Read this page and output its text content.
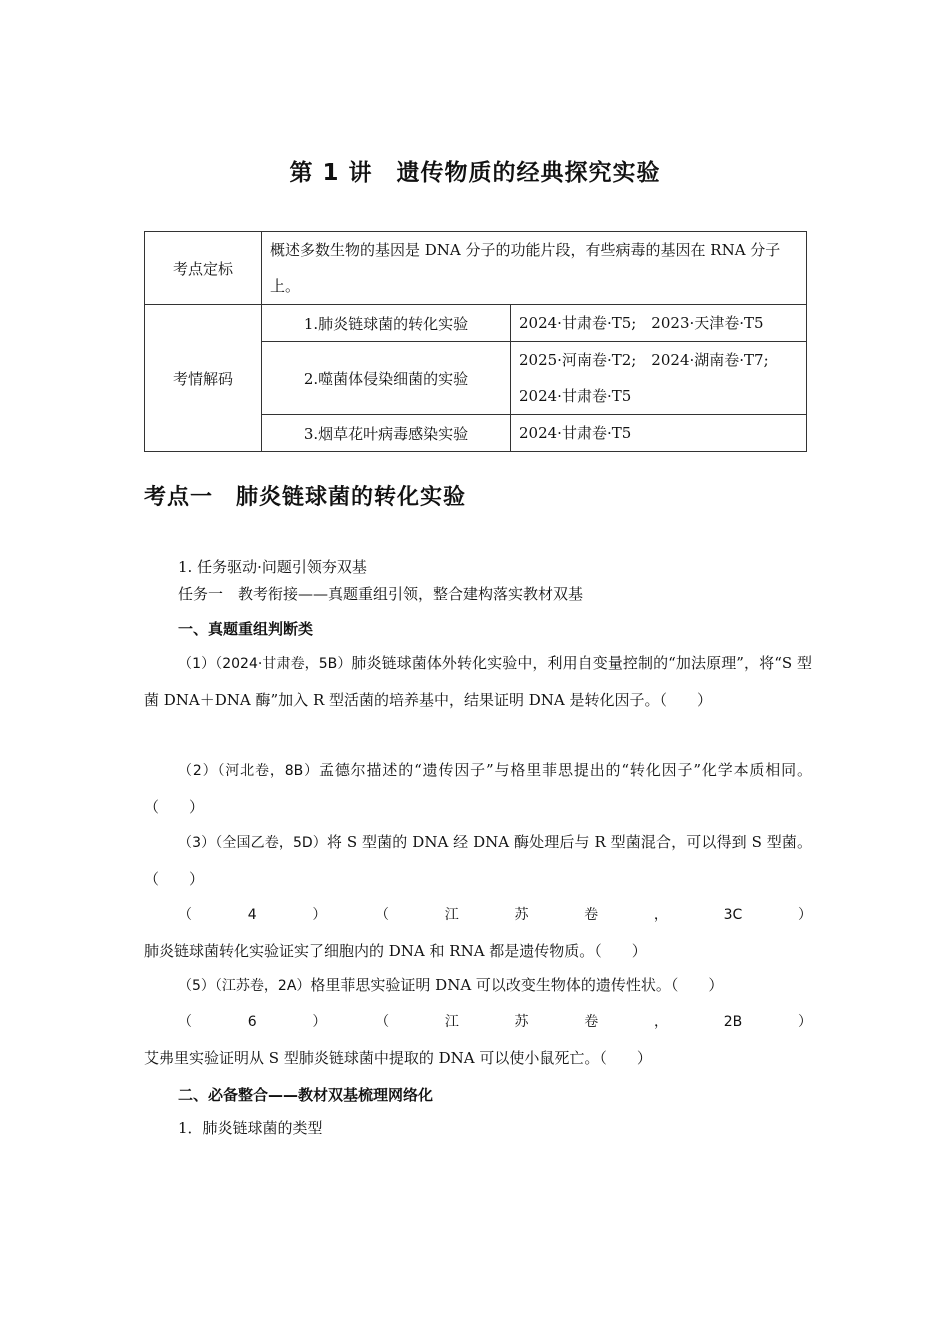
第 1 讲　遗传物质的经典探究实验
考点定标	概述多数生物的基因是 DNA 分子的功能片段，有些病毒的基因在 RNA 分子上。	
考情解码	1.肺炎链球菌的转化实验	2024·甘肃卷·T5;　2023·天津卷·T5
	2.噬菌体侵染细菌的实验	2025·河南卷·T2;　2024·湖南卷·T7; 2024·甘肃卷·T5
	3.烟草花叶病毒感染实验	2024·甘肃卷·T5
考点一　肺炎链球菌的转化实验
1. 任务驱动·问题引领夯双基
任务一　教考衔接——真题重组引领，整合建构落实教材双基
一、真题重组判断类
（1）（2024·甘肃卷，5B）肺炎链球菌体外转化实验中，利用自变量控制的“加法原理”，将“S 型菌 DNA＋DNA 酶”加入 R 型活菌的培养基中，结果证明 DNA 是转化因子。（　　）
（2）（河北卷，8B）孟德尔描述的“遗传因子”与格里菲思提出的“转化因子”化学本质相同。（　　）
（3）（全国乙卷，5D）将 S 型菌的 DNA 经 DNA 酶处理后与 R 型菌混合，可以得到 S 型菌。（　　）
（4）（江苏卷，3C）肺炎链球菌转化实验证实了细胞内的 DNA 和 RNA 都是遗传物质。（　　）
（5）（江苏卷，2A）格里菲思实验证明 DNA 可以改变生物体的遗传性状。（　　）
（6）（江苏卷，2B）艾弗里实验证明从 S 型肺炎链球菌中提取的 DNA 可以使小鼠死亡。（　　）
二、必备整合——教材双基梳理网络化
1．肺炎链球菌的类型
